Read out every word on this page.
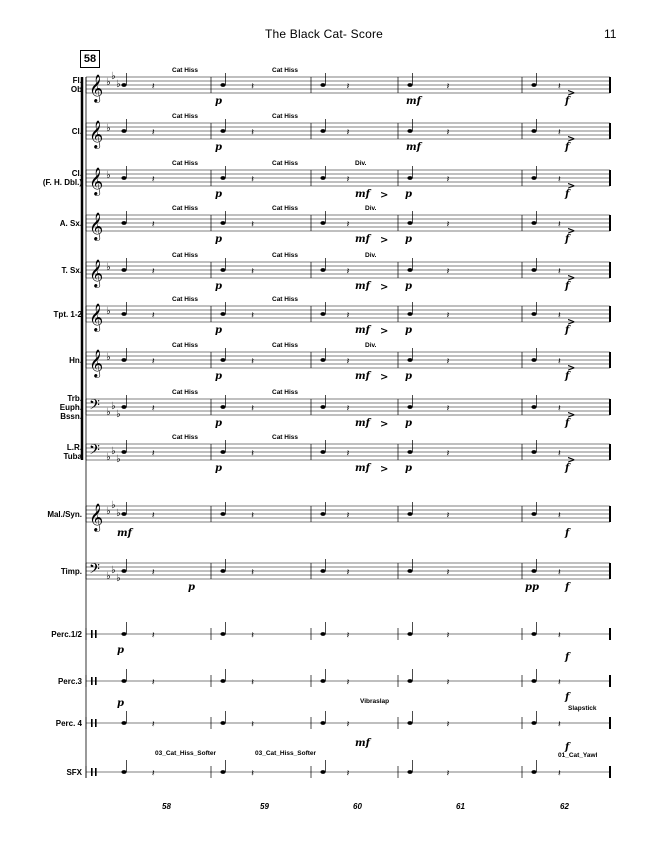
The Black Cat- Score	11
58
Fl.
Ob
Cl.
Cl.
(F. H. Dbl.)
A. Sx.
T. Sx.
Tpt. 1-2
Hn.
Trb.
Euph.
Bssn.
L.R.
Tuba
Mal./Syn.
Timp.
Perc.1/2
Perc.3
Perc. 4
SFX
Cat Hiss	Cat Hiss
p	f
>
mf
Cat Hiss	Cat Hiss
p	f
>
mf
Cat Hiss	Cat Hiss
p	f
>
mf > p
Div.
Cat Hiss	Cat Hiss
p	f
>
mf > p
Div.
Cat Hiss	Cat Hiss
p	f
>
mf > p
Div.
Cat Hiss	Cat Hiss
p	f
>
mf > p
Cat Hiss	Cat Hiss
p	f
>
mf > p
Div.
Cat Hiss	Cat Hiss
p	f
>
mf > p
Cat Hiss	Cat Hiss
p	f
>
mf > p
mf	f
p	pp	f
p
f
p
f
Vibraslap
Slapstick
mf	f
03_Cat_Hiss_Softer	03_Cat_Hiss_Softer	01_Cat_Yawl
𝄞 ♭
♭
♭	𝄽	𝄽	𝄽	𝄽	𝄽
𝄞 ♭	𝄽	𝄽	𝄽	𝄽	𝄽
𝄞 ♭	𝄽	𝄽	𝄽	𝄽	𝄽
𝄞	𝄽	𝄽	𝄽	𝄽	𝄽
𝄞 ♭	𝄽	𝄽	𝄽	𝄽	𝄽
𝄞 ♭	𝄽	𝄽	𝄽	𝄽	𝄽
𝄞 ♭	𝄽	𝄽	𝄽	𝄽	𝄽
𝄢 ♭
♭
♭	𝄽	𝄽	𝄽	𝄽	𝄽
𝄢 ♭
♭
♭	𝄽	𝄽	𝄽	𝄽	𝄽
𝄞 ♭
♭
♭	𝄽	𝄽	𝄽	𝄽	𝄽
𝄢 ♭
♭
♭	𝄽	𝄽	𝄽	𝄽	𝄽
𝄽	𝄽	𝄽	𝄽	𝄽
𝄽	𝄽	𝄽	𝄽	𝄽
𝄽	𝄽	𝄽	𝄽	𝄽
𝄽	𝄽	𝄽	𝄽	𝄽
58	59	60	61	62
